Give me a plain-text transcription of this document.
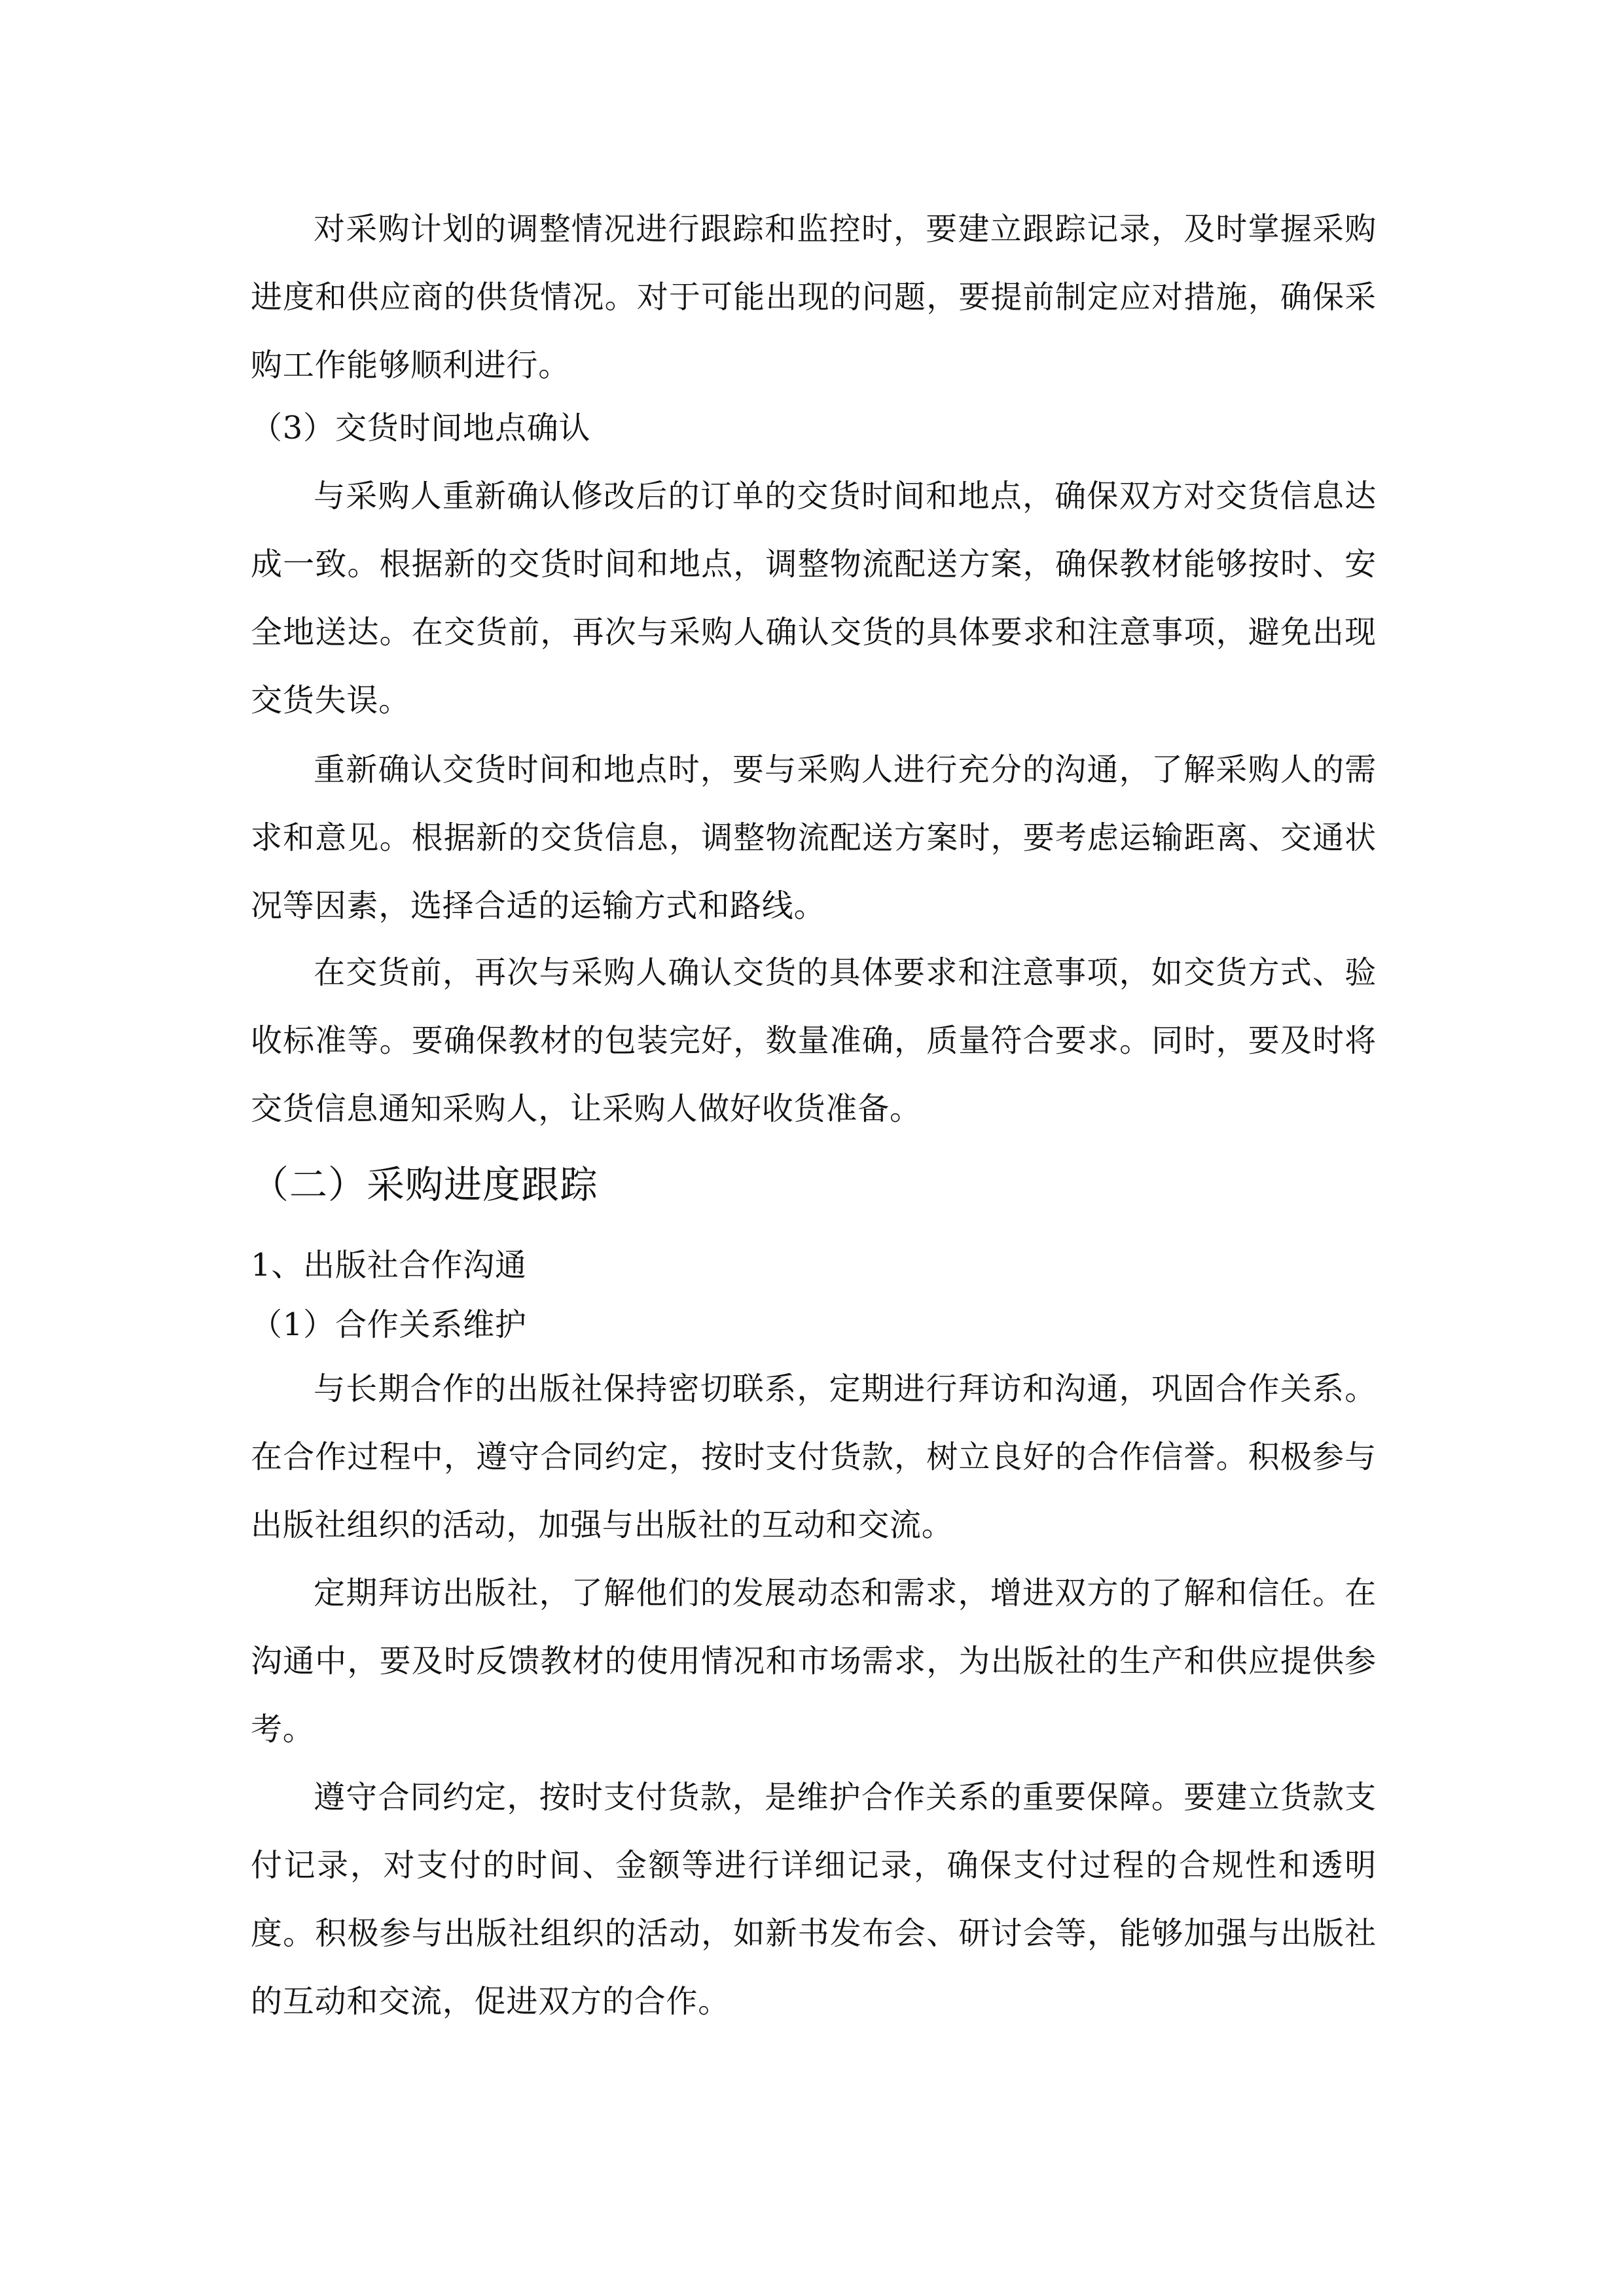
对采购计划的调整情况进行跟踪和监控时，要建立跟踪记录，及时掌握采购进度和供应商的供货情况。对于可能出现的问题，要提前制定应对措施，确保采购工作能够顺利进行。

（3）交货时间地点确认

与采购人重新确认修改后的订单的交货时间和地点，确保双方对交货信息达成一致。根据新的交货时间和地点，调整物流配送方案，确保教材能够按时、安全地送达。在交货前，再次与采购人确认交货的具体要求和注意事项，避免出现交货失误。

重新确认交货时间和地点时，要与采购人进行充分的沟通，了解采购人的需求和意见。根据新的交货信息，调整物流配送方案时，要考虑运输距离、交通状况等因素，选择合适的运输方式和路线。

在交货前，再次与采购人确认交货的具体要求和注意事项，如交货方式、验收标准等。要确保教材的包装完好，数量准确，质量符合要求。同时，要及时将交货信息通知采购人，让采购人做好收货准备。

（二）采购进度跟踪

1、出版社合作沟通

（1）合作关系维护

与长期合作的出版社保持密切联系，定期进行拜访和沟通，巩固合作关系。在合作过程中，遵守合同约定，按时支付货款，树立良好的合作信誉。积极参与出版社组织的活动，加强与出版社的互动和交流。

定期拜访出版社，了解他们的发展动态和需求，增进双方的了解和信任。在沟通中，要及时反馈教材的使用情况和市场需求，为出版社的生产和供应提供参考。

遵守合同约定，按时支付货款，是维护合作关系的重要保障。要建立货款支付记录，对支付的时间、金额等进行详细记录，确保支付过程的合规性和透明度。积极参与出版社组织的活动，如新书发布会、研讨会等，能够加强与出版社的互动和交流，促进双方的合作。
